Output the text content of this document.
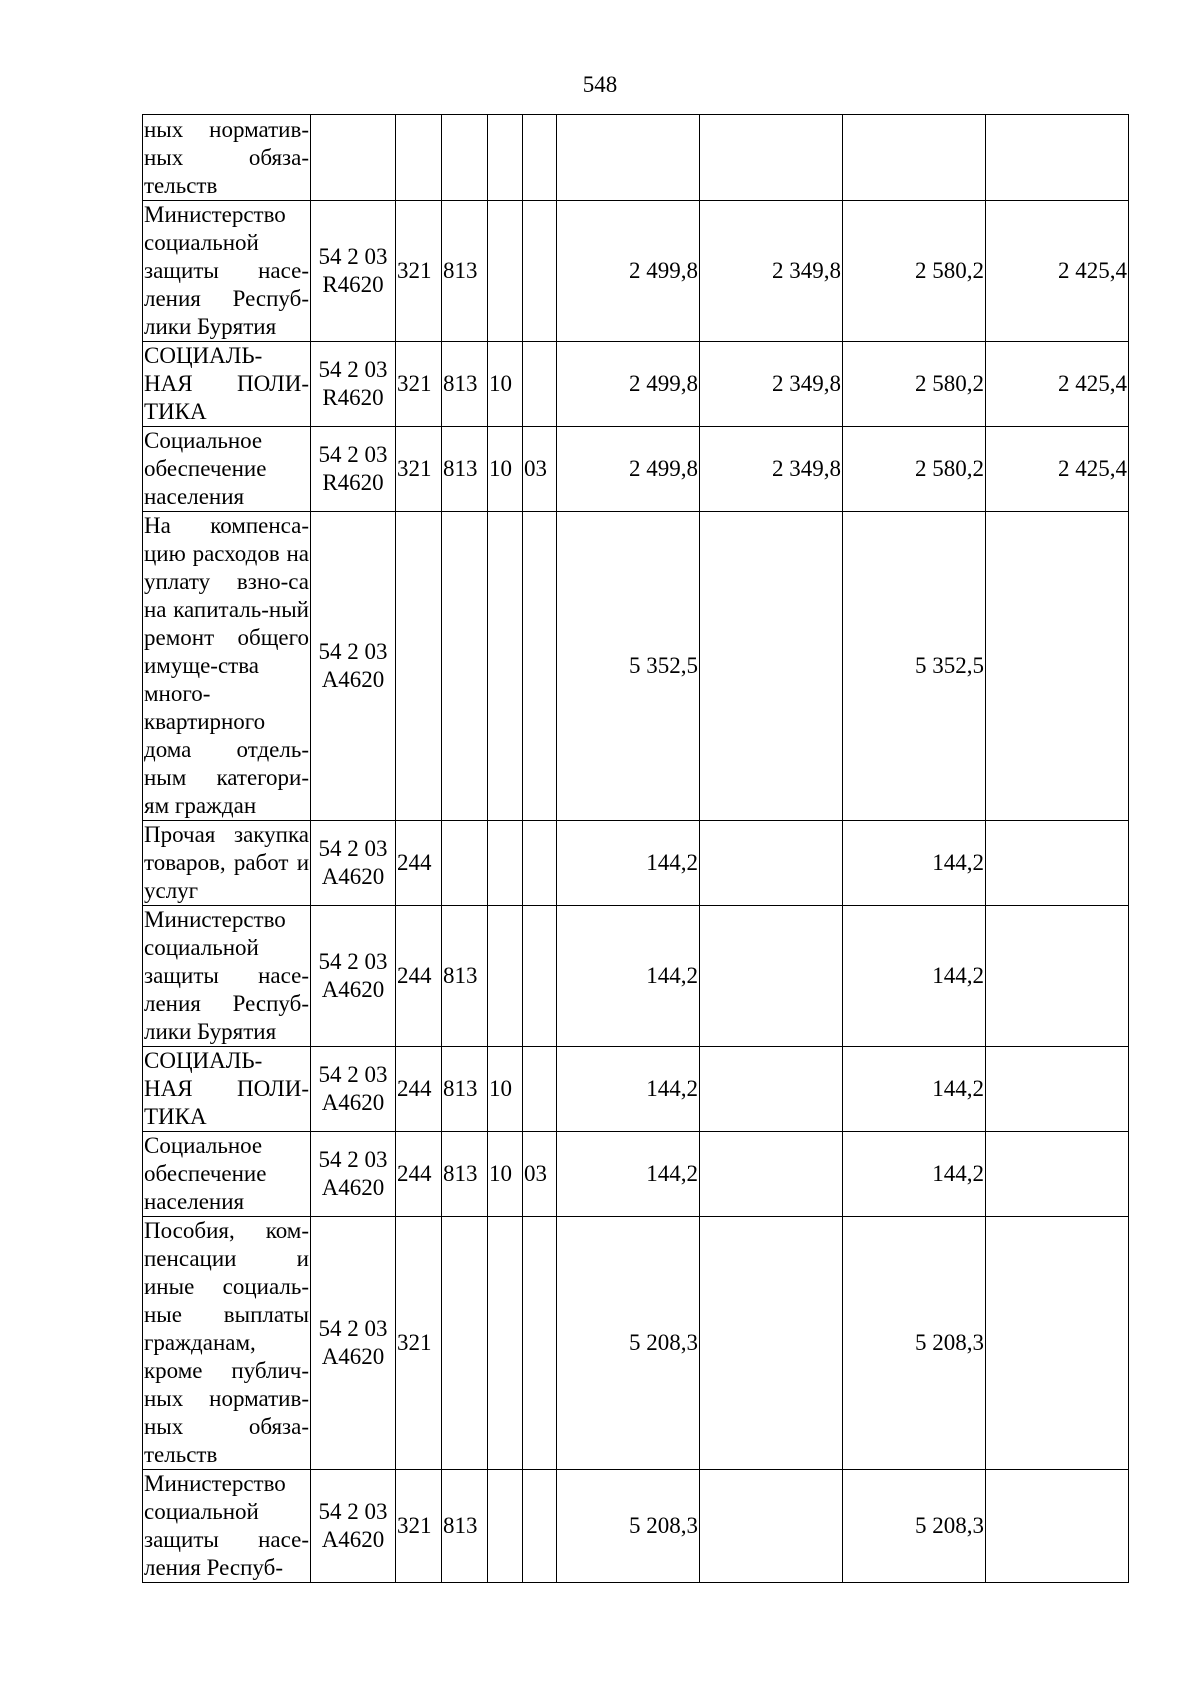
548
ных норматив-ных обяза-тельств									
Министерство социальной защиты насе-ления Респуб-лики Бурятия	54 2 03 R4620	321	813			2 499,8	2 349,8	2 580,2	2 425,4
СОЦИАЛЬ-НАЯ ПОЛИ-ТИКА	54 2 03 R4620	321	813	10		2 499,8	2 349,8	2 580,2	2 425,4
Социальное обеспечение населения	54 2 03 R4620	321	813	10	03	2 499,8	2 349,8	2 580,2	2 425,4
На компенса-цию расходов на уплату взно-са на капиталь-ный ремонт общего имуще-ства много-квартирного дома отдель-ным категори-ям граждан	54 2 03 A4620					5 352,5		5 352,5	
Прочая закупка товаров, работ и услуг	54 2 03 A4620	244				144,2		144,2	
Министерство социальной защиты насе-ления Респуб-лики Бурятия	54 2 03 A4620	244	813			144,2		144,2	
СОЦИАЛЬ-НАЯ ПОЛИ-ТИКА	54 2 03 A4620	244	813	10		144,2		144,2	
Социальное обеспечение населения	54 2 03 A4620	244	813	10	03	144,2		144,2	
Пособия, ком-пенсации и иные социаль-ные выплаты гражданам, кроме публич-ных норматив-ных обяза-тельств	54 2 03 A4620	321				5 208,3		5 208,3	
Министерство социальной защиты насе-ления Респуб-	54 2 03 A4620	321	813			5 208,3		5 208,3	
